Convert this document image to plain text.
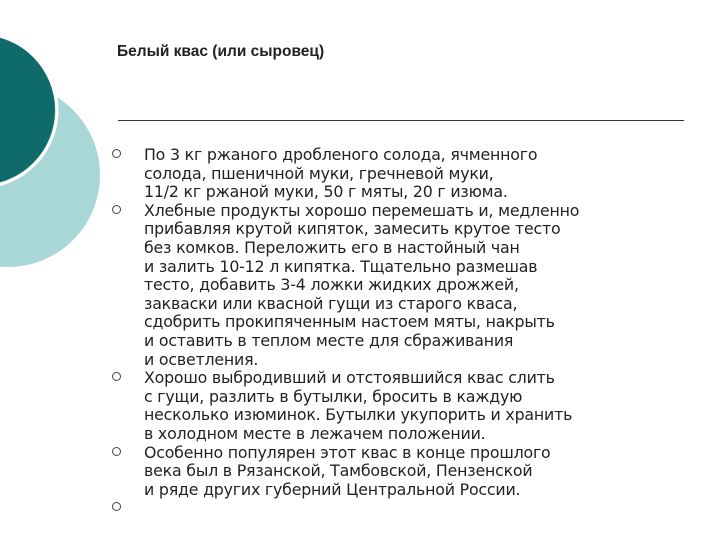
Белый квас (или сыровец)
По 3 кг ржаного дробленого солода, ячменного
солода, пшеничной муки, гречневой муки,
11/2 кг ржаной муки, 50 г мяты, 20 г изюма.
Хлебные продукты хорошо перемешать и, медленно
прибавляя крутой кипяток, замесить крутое тесто
без комков. Переложить его в настойный чан
и залить 10-12 л кипятка. Тщательно размешав
тесто, добавить 3-4 ложки жидких дрожжей,
закваски или квасной гущи из старого кваса,
сдобрить прокипяченным настоем мяты, накрыть
и оставить в теплом месте для сбраживания
и осветления.
Хорошо выбродивший и отстоявшийся квас слить
с гущи, разлить в бутылки, бросить в каждую
несколько изюминок. Бутылки укупорить и хранить
в холодном месте в лежачем положении.
Особенно популярен этот квас в конце прошлого
века был в Рязанской, Тамбовской, Пензенской
и ряде других губерний Центральной России.
